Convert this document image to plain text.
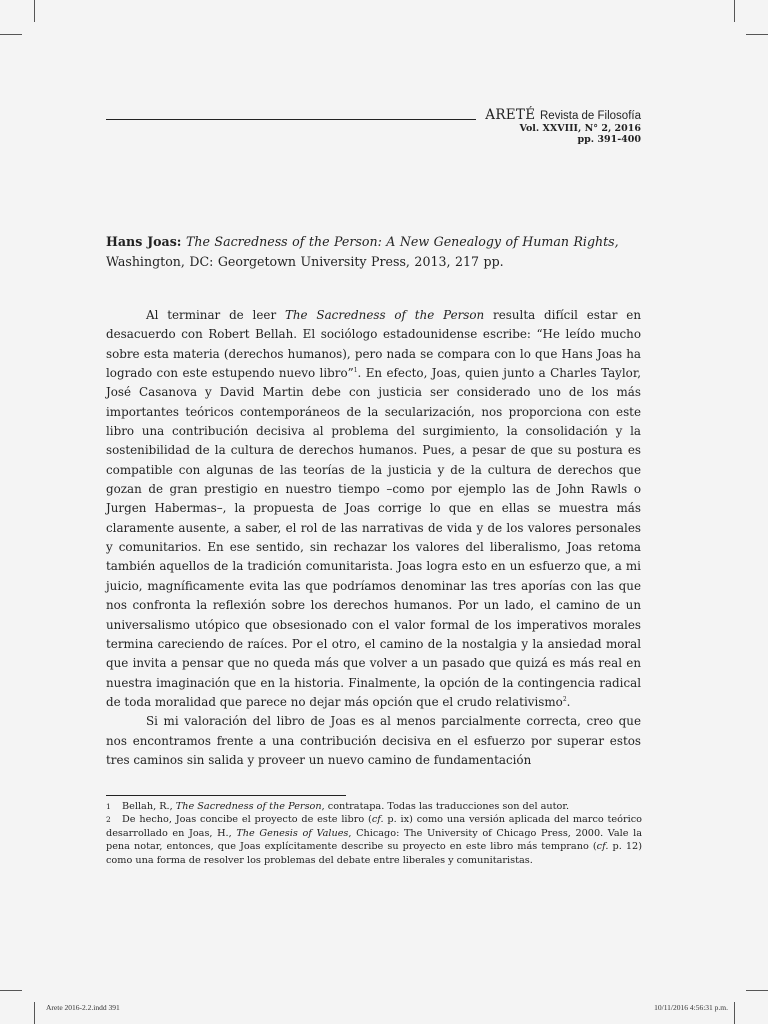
ARETÉ Revista de Filosofía
Vol. XXVIII, N° 2, 2016
pp. 391-400
Hans Joas: The Sacredness of the Person: A New Genealogy of Human Rights,
Washington, DC: Georgetown University Press, 2013, 217 pp.

Al terminar de leer The Sacredness of the Person resulta difícil estar en desacuerdo con Robert Bellah. El sociólogo estadounidense escribe: “He leído mucho sobre esta materia (derechos humanos), pero nada se compara con lo que Hans Joas ha logrado con este estupendo nuevo libro”$^1$. En efecto, Joas, quien junto a Charles Taylor, José Casanova y David Martin debe con justicia ser considerado uno de los más importantes teóricos contemporáneos de la secularización, nos proporciona con este libro una contribución decisiva al problema del surgimiento, la consolidación y la sostenibilidad de la cultura de derechos humanos. Pues, a pesar de que su postura es compatible con algunas de las teorías de la justicia y de la cultura de derechos que gozan de gran prestigio en nuestro tiempo –como por ejemplo las de John Rawls o Jurgen Habermas–, la propuesta de Joas corrige lo que en ellas se muestra más claramente ausente, a saber, el rol de las narrativas de vida y de los valores personales y comunitarios. En ese sentido, sin rechazar los valores del liberalismo, Joas retoma también aquellos de la tradición comunitarista. Joas logra esto en un esfuerzo que, a mi juicio, magníficamente evita las que podríamos denominar las tres aporías con las que nos confronta la reflexión sobre los derechos humanos. Por un lado, el camino de un universalismo utópico que obsesionado con el valor formal de los imperativos morales termina careciendo de raíces. Por el otro, el camino de la nostalgia y la ansiedad moral que invita a pensar que no queda más que volver a un pasado que quizá es más real en nuestra imaginación que en la historia. Finalmente, la opción de la contingencia radical de toda moralidad que parece no dejar más opción que el crudo relativismo$^2$.

Si mi valoración del libro de Joas es al menos parcialmente correcta, creo que nos encontramos frente a una contribución decisiva en el esfuerzo por superar estos tres caminos sin salida y proveer un nuevo camino de fundamentación

1 Bellah, R., The Sacredness of the Person, contratapa. Todas las traducciones son del autor.

2 De hecho, Joas concibe el proyecto de este libro (cf. p. ix) como una versión aplicada del marco teórico desarrollado en Joas, H., The Genesis of Values, Chicago: The University of Chicago Press, 2000. Vale la pena notar, entonces, que Joas explícitamente describe su proyecto en este libro más temprano (cf. p. 12) como una forma de resolver los problemas del debate entre liberales y comunitaristas.

Arete 2016-2.2.indd 391	10/11/2016 4:56:31 p.m.
